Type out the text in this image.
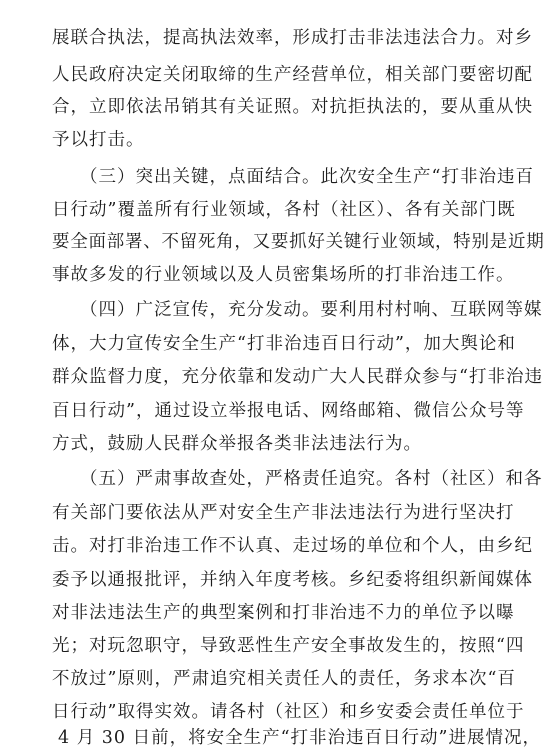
展联合执法，提高执法效率，形成打击非法违法合力。对乡
人民政府决定关闭取缔的生产经营单位，相关部门要密切配
合，立即依法吊销其有关证照。对抗拒执法的，要从重从快
予以打击。
（三）突出关键，点面结合。此次安全生产“打非治违百
日行动”覆盖所有行业领域，各村（社区）、各有关部门既
要全面部署、不留死角，又要抓好关键行业领域，特别是近期
事故多发的行业领域以及人员密集场所的打非治违工作。
（四）广泛宣传，充分发动。要利用村村响、互联网等媒
体，大力宣传安全生产“打非治违百日行动”，加大舆论和
群众监督力度，充分依靠和发动广大人民群众参与“打非治违
百日行动”，通过设立举报电话、网络邮箱、微信公众号等
方式，鼓励人民群众举报各类非法违法行为。
（五）严肃事故查处，严格责任追究。各村（社区）和各
有关部门要依法从严对安全生产非法违法行为进行坚决打
击。对打非治违工作不认真、走过场的单位和个人，由乡纪
委予以通报批评，并纳入年度考核。乡纪委将组织新闻媒体
对非法违法生产的典型案例和打非治违不力的单位予以曝
光；对玩忽职守，导致恶性生产安全事故发生的，按照“四
不放过”原则，严肃追究相关责任人的责任，务求本次“百
日行动”取得实效。请各村（社区）和乡安委会责任单位于
4 月 30 日前，将安全生产“打非治违百日行动”进展情况，
